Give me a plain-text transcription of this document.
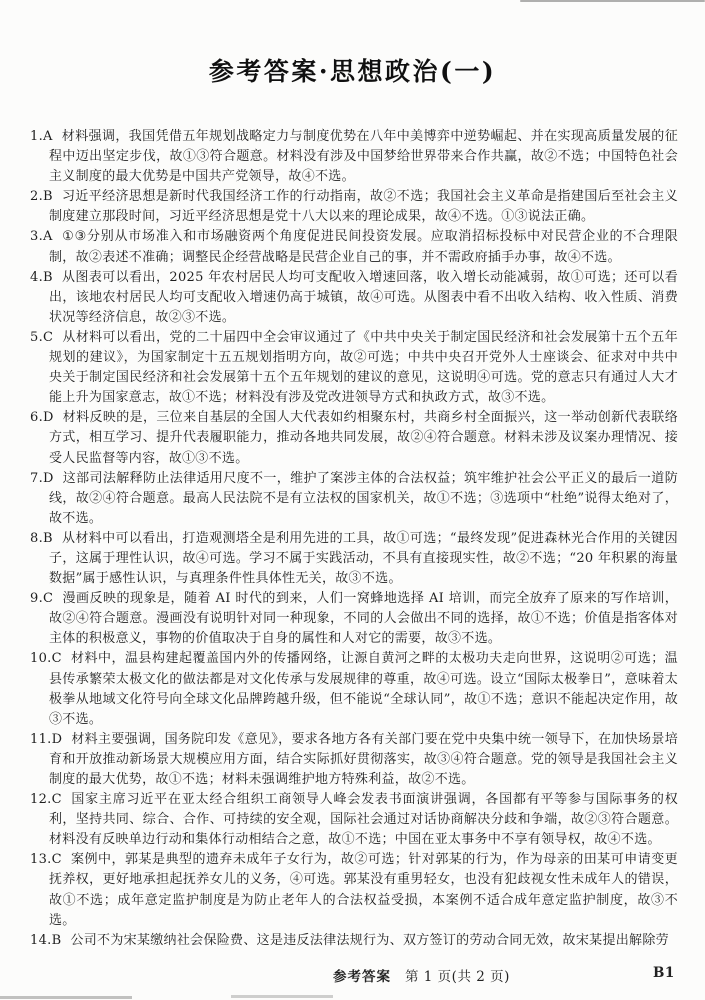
参考答案·思想政治(一)

1.A 材料强调，我国凭借五年规划战略定力与制度优势在八年中美博弈中逆势崛起、并在实现高质量发展的征程中迈出坚定步伐，故①③符合题意。材料没有涉及中国梦给世界带来合作共赢，故②不选；中国特色社会主义制度的最大优势是中国共产党领导，故④不选。

2.B 习近平经济思想是新时代我国经济工作的行动指南，故②不选；我国社会主义革命是指建国后至社会主义制度建立那段时间，习近平经济思想是党十八大以来的理论成果，故④不选。①③说法正确。

3.A ①③分别从市场准入和市场融资两个角度促进民间投资发展。应取消招标投标中对民营企业的不合理限制，故②表述不准确；调整民企经营战略是民营企业自己的事，并不需政府插手办事，故④不选。

4.B 从图表可以看出，2025 年农村居民人均可支配收入增速回落，收入增长动能减弱，故①可选；还可以看出，该地农村居民人均可支配收入增速仍高于城镇，故④可选。从图表中看不出收入结构、收入性质、消费状况等经济信息，故②③不选。

5.C 从材料可以看出，党的二十届四中全会审议通过了《中共中央关于制定国民经济和社会发展第十五个五年规划的建议》，为国家制定十五五规划指明方向，故②可选；中共中央召开党外人士座谈会、征求对中共中央关于制定国民经济和社会发展第十五个五年规划的建议的意见，这说明④可选。党的意志只有通过人大才能上升为国家意志，故①不选；材料没有涉及党改进领导方式和执政方式，故③不选。

6.D 材料反映的是，三位来自基层的全国人大代表如约相聚东村，共商乡村全面振兴，这一举动创新代表联络方式，相互学习、提升代表履职能力，推动各地共同发展，故②④符合题意。材料未涉及议案办理情况、接受人民监督等内容，故①③不选。

7.D 这部司法解释防止法律适用尺度不一，维护了案涉主体的合法权益；筑牢维护社会公平正义的最后一道防线，故②④符合题意。最高人民法院不是有立法权的国家机关，故①不选；③选项中“杜绝”说得太绝对了，故不选。

8.B 从材料中可以看出，打造观测塔全是利用先进的工具，故①可选；“最终发现”促进森林光合作用的关键因子，这属于理性认识，故④可选。学习不属于实践活动，不具有直接现实性，故②不选；“20 年积累的海量数据”属于感性认识，与真理条件性具体性无关，故③不选。

9.C 漫画反映的现象是，随着 AI 时代的到来，人们一窝蜂地选择 AI 培训，而完全放弃了原来的写作培训，故②④符合题意。漫画没有说明针对同一种现象，不同的人会做出不同的选择，故①不选；价值是指客体对主体的积极意义，事物的价值取决于自身的属性和人对它的需要，故③不选。

10.C 材料中，温县构建起覆盖国内外的传播网络，让源自黄河之畔的太极功夫走向世界，这说明②可选；温县传承繁荣太极文化的做法都是对文化传承与发展规律的尊重，故④可选。设立“国际太极拳日”，意味着太极拳从地域文化符号向全球文化品牌跨越升级，但不能说“全球认同”，故①不选；意识不能起决定作用，故③不选。

11.D 材料主要强调，国务院印发《意见》，要求各地方各有关部门要在党中央集中统一领导下，在加快场景培育和开放推动新场景大规模应用方面，结合实际抓好贯彻落实，故③④符合题意。党的领导是我国社会主义制度的最大优势，故①不选；材料未强调维护地方特殊利益，故②不选。

12.C 国家主席习近平在亚太经合组织工商领导人峰会发表书面演讲强调，各国都有平等参与国际事务的权利，坚持共同、综合、合作、可持续的安全观，国际社会通过对话协商解决分歧和争端，故②③符合题意。材料没有反映单边行动和集体行动相结合之意，故①不选；中国在亚太事务中不享有领导权，故④不选。

13.C 案例中，郭某是典型的遗弃未成年子女行为，故②可选；针对郭某的行为，作为母亲的田某可申请变更抚养权，更好地承担起抚养女儿的义务，④可选。郭某没有重男轻女，也没有犯歧视女性未成年人的错误，故①不选；成年意定监护制度是为防止老年人的合法权益受损，本案例不适合成年意定监护制度，故③不选。

14.B 公司不为宋某缴纳社会保险费、这是违反法律法规行为、双方签订的劳动合同无效，故宋某提出解除劳

参考答案 第 1 页(共 2 页)	B1
